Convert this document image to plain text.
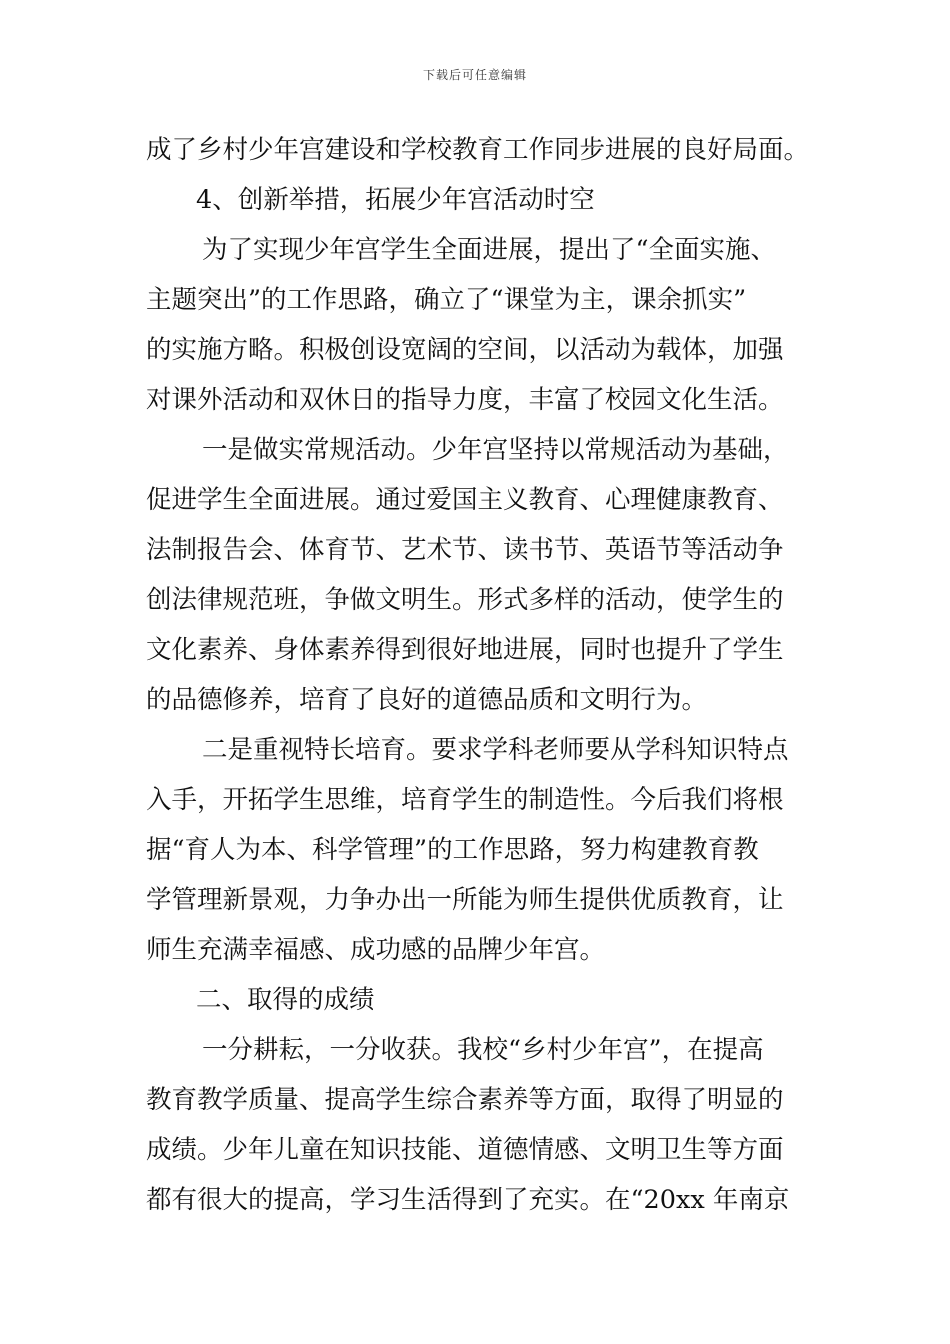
下载后可任意编辑
成了乡村少年宫建设和学校教育工作同步进展的良好局面。
4、创新举措，拓展少年宫活动时空
为了实现少年宫学生全面进展，提出了“全面实施、
主题突出”的工作思路，确立了“课堂为主，课余抓实”
的实施方略。积极创设宽阔的空间，以活动为载体，加强
对课外活动和双休日的指导力度，丰富了校园文化生活。
一是做实常规活动。少年宫坚持以常规活动为基础，
促进学生全面进展。通过爱国主义教育、心理健康教育、
法制报告会、体育节、艺术节、读书节、英语节等活动争
创法律规范班，争做文明生。形式多样的活动，使学生的
文化素养、身体素养得到很好地进展，同时也提升了学生
的品德修养，培育了良好的道德品质和文明行为。
二是重视特长培育。要求学科老师要从学科知识特点
入手，开拓学生思维，培育学生的制造性。今后我们将根
据“育人为本、科学管理”的工作思路，努力构建教育教
学管理新景观，力争办出一所能为师生提供优质教育，让
师生充满幸福感、成功感的品牌少年宫。
二、取得的成绩
一分耕耘，一分收获。我校“乡村少年宫”，在提高
教育教学质量、提高学生综合素养等方面，取得了明显的
成绩。少年儿童在知识技能、道德情感、文明卫生等方面
都有很大的提高，学习生活得到了充实。在“20xx 年南京
